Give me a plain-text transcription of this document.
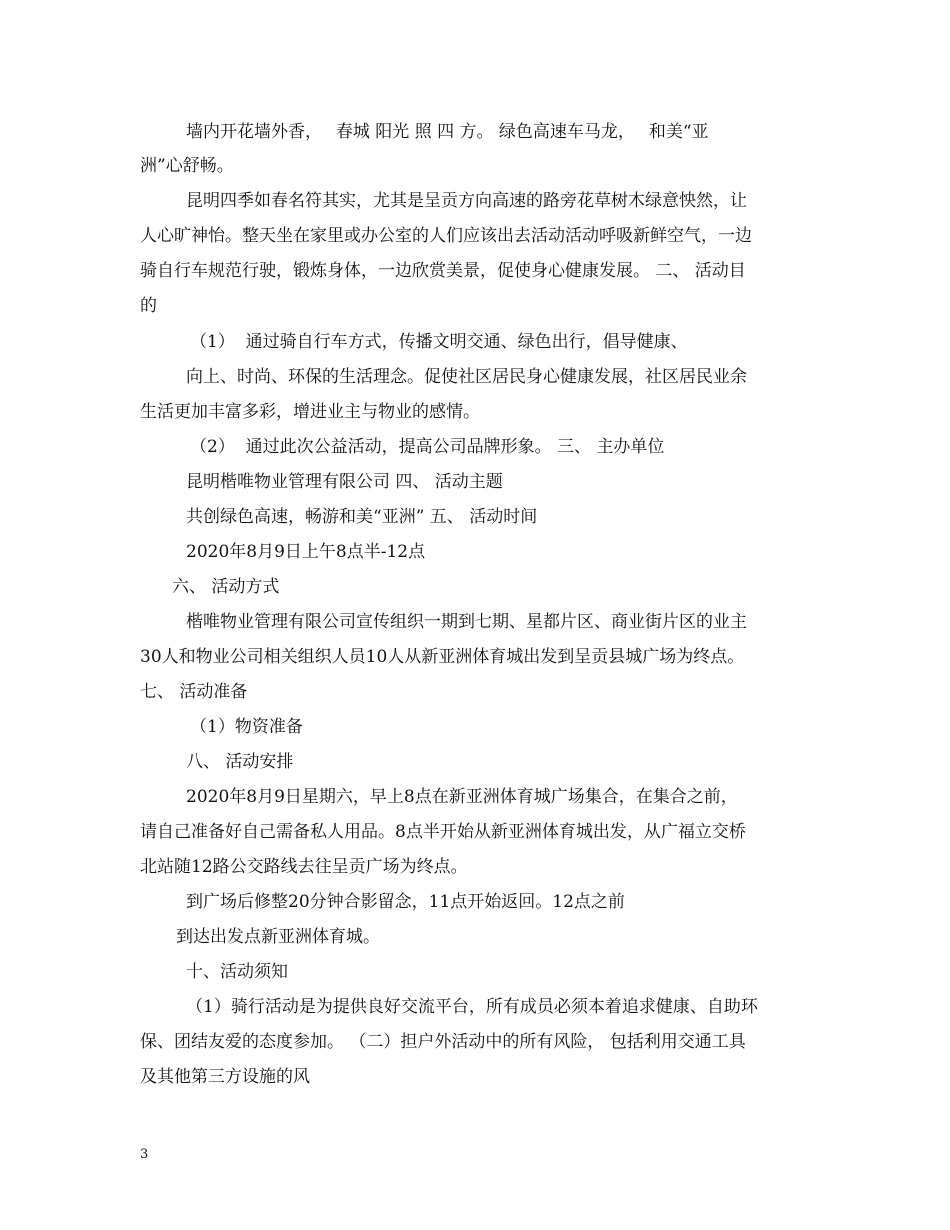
墙内开花墙外香，　 春城 阳光 照 四 方。 绿色高速车马龙，　 和美“亚
洲”心舒畅。
昆明四季如春名符其实，尤其是呈贡方向高速的路旁花草树木绿意怏然，让
人心旷神怡。整天坐在家里或办公室的人们应该出去活动活动呼吸新鲜空气，一边
骑自行车规范行驶，锻炼身体，一边欣赏美景，促使身心健康发展。 二、 活动目
的
（1）  通过骑自行车方式，传播文明交通、绿色出行，倡导健康、
向上、时尚、环保的生活理念。促使社区居民身心健康发展，社区居民业余
生活更加丰富多彩，增进业主与物业的感情。
（2）  通过此次公益活动，提高公司品牌形象。 三、 主办单位
昆明楷唯物业管理有限公司 四、 活动主题
共创绿色高速，畅游和美“亚洲” 五、 活动时间
2020年8月9日上午8点半-12点
六、 活动方式
楷唯物业管理有限公司宣传组织一期到七期、星都片区、商业街片区的业主
30人和物业公司相关组织人员10人从新亚洲体育城出发到呈贡县城广场为终点。
七、 活动准备
（1）物资准备
八、 活动安排
2020年8月9日星期六，早上8点在新亚洲体育城广场集合，在集合之前，
请自己准备好自己需备私人用品。8点半开始从新亚洲体育城出发，从广福立交桥
北站随12路公交路线去往呈贡广场为终点。
到广场后修整20分钟合影留念，11点开始返回。12点之前
到达出发点新亚洲体育城。
十、活动须知
（1）骑行活动是为提供良好交流平台，所有成员必须本着追求健康、自助环
保、团结友爱的态度参加。 （二）担户外活动中的所有风险， 包括利用交通工具
及其他第三方设施的风
3
